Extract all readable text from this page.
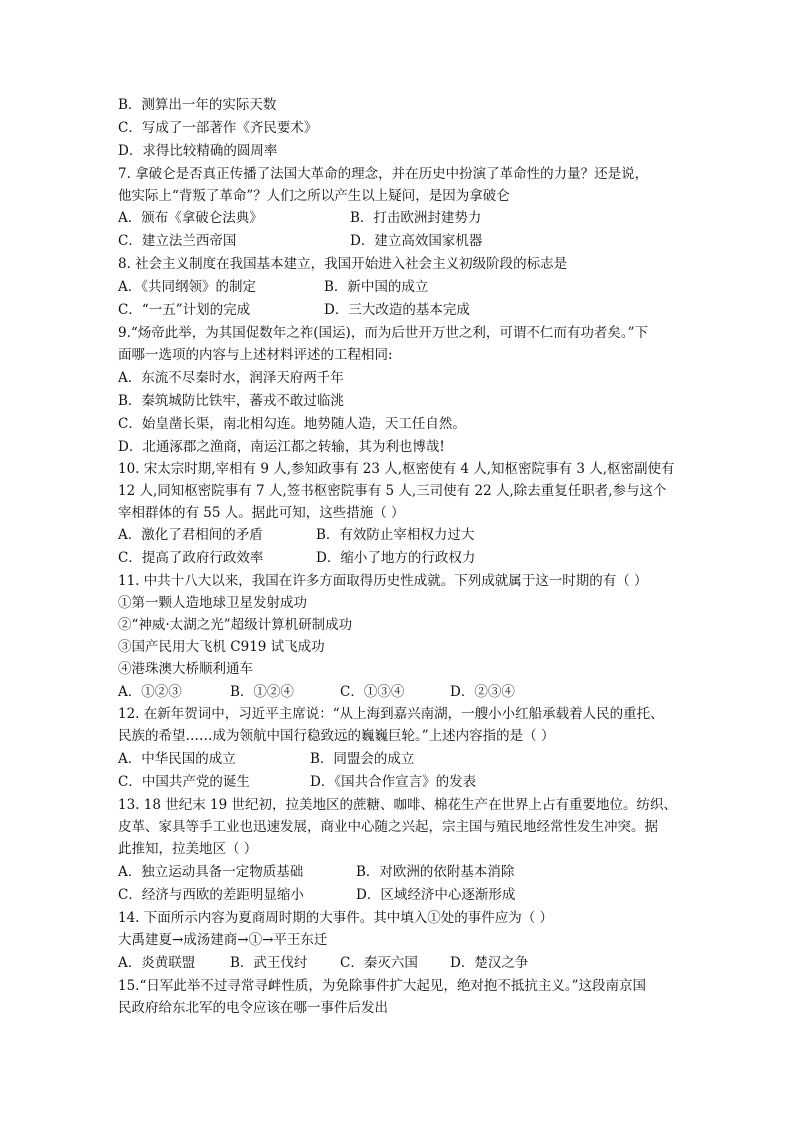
B．测算出一年的实际天数
C．写成了一部著作《齐民要术》
D．求得比较精确的圆周率
7. 拿破仑是否真正传播了法国大革命的理念，并在历史中扮演了革命性的力量？还是说，
他实际上“背叛了革命”？人们之所以产生以上疑问，是因为拿破仑
A．颁布《拿破仑法典》	B．打击欧洲封建势力
C．建立法兰西帝国	D．建立高效国家机器
8. 社会主义制度在我国基本建立，我国开始进入社会主义初级阶段的标志是
A．《共同纲领》的制定	B．新中国的成立
C．“一五”计划的完成	D．三大改造的基本完成
9.“炀帝此举，为其国促数年之祚(国运)，而为后世开万世之利，可谓不仁而有功者矣。”下
面哪一选项的内容与上述材料评述的工程相同:
A．东流不尽秦时水，润泽天府两千年
B．秦筑城防比铁牢，蕃戎不敢过临洮
C．始皇凿长渠，南北相勾连。地势随人造，天工任自然。
D．北通涿郡之渔商，南运江都之转输，其为利也博哉!
10. 宋太宗时期,宰相有 9 人,参知政事有 23 人,枢密使有 4 人,知枢密院事有 3 人,枢密副使有
12 人,同知枢密院事有 7 人,签书枢密院事有 5 人,三司使有 22 人,除去重复任职者,参与这个
宰相群体的有 55 人。据此可知，这些措施（ ）
A．激化了君相间的矛盾	B．有效防止宰相权力过大
C．提高了政府行政效率	D．缩小了地方的行政权力
11. 中共十八大以来，我国在许多方面取得历史性成就。下列成就属于这一时期的有（ ）
①第一颗人造地球卫星发射成功
②“神威·太湖之光”超级计算机研制成功
③国产民用大飞机 C919 试飞成功
④港珠澳大桥顺利通车
A．①②③	B．①②④	C．①③④	D．②③④
12. 在新年贺词中，习近平主席说：“从上海到嘉兴南湖，一艘小小红船承载着人民的重托、
民族的希望……成为领航中国行稳致远的巍巍巨轮。”上述内容指的是（ ）
A．中华民国的成立	B．同盟会的成立
C．中国共产党的诞生	D．《国共合作宣言》的发表
13. 18 世纪末 19 世纪初，拉美地区的蔗糖、咖啡、棉花生产在世界上占有重要地位。纺织、
皮革、家具等手工业也迅速发展，商业中心随之兴起，宗主国与殖民地经常性发生冲突。据
此推知，拉美地区（ ）
A．独立运动具备一定物质基础	B．对欧洲的依附基本消除
C．经济与西欧的差距明显缩小	D．区域经济中心逐渐形成
14. 下面所示内容为夏商周时期的大事件。其中填入①处的事件应为（ ）
大禹建夏→成汤建商→①→平王东迁
A．炎黄联盟	B．武王伐纣 C．秦灭六国 D．楚汉之争
15.“日军此举不过寻常寻衅性质，为免除事件扩大起见，绝对抱不抵抗主义。”这段南京国
民政府给东北军的电令应该在哪一事件后发出
